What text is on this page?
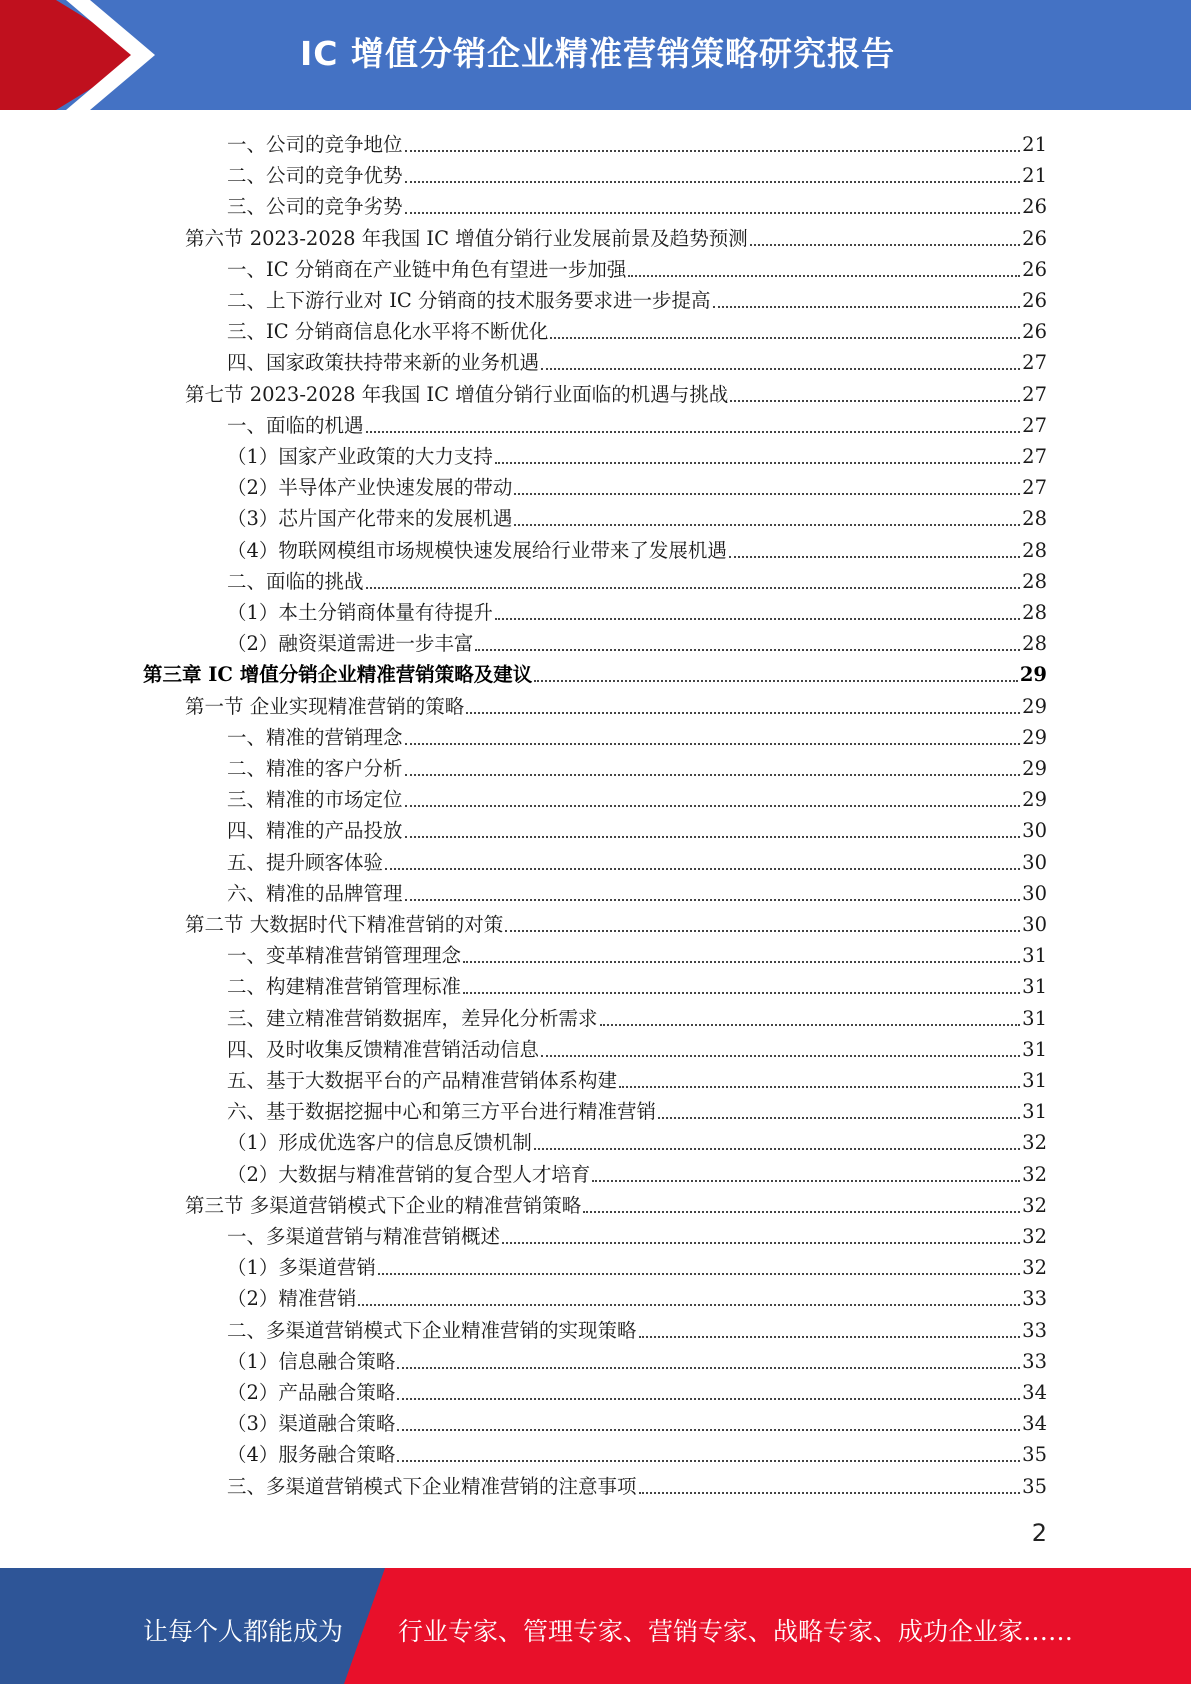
IC 增值分销企业精准营销策略研究报告
一、公司的竞争地位	21
二、公司的竞争优势	21
三、公司的竞争劣势	26
第六节 2023-2028 年我国 IC 增值分销行业发展前景及趋势预测	26
一、IC 分销商在产业链中角色有望进一步加强	26
二、上下游行业对 IC 分销商的技术服务要求进一步提高	26
三、IC 分销商信息化水平将不断优化	26
四、国家政策扶持带来新的业务机遇	27
第七节 2023-2028 年我国 IC 增值分销行业面临的机遇与挑战	27
一、面临的机遇	27
（1）国家产业政策的大力支持	27
（2）半导体产业快速发展的带动	27
（3）芯片国产化带来的发展机遇	28
（4）物联网模组市场规模快速发展给行业带来了发展机遇	28
二、面临的挑战	28
（1）本土分销商体量有待提升	28
（2）融资渠道需进一步丰富	28
第三章 IC 增值分销企业精准营销策略及建议	29
第一节 企业实现精准营销的策略	29
一、精准的营销理念	29
二、精准的客户分析	29
三、精准的市场定位	29
四、精准的产品投放	30
五、提升顾客体验	30
六、精准的品牌管理	30
第二节 大数据时代下精准营销的对策	30
一、变革精准营销管理理念	31
二、构建精准营销管理标准	31
三、建立精准营销数据库，差异化分析需求	31
四、及时收集反馈精准营销活动信息	31
五、基于大数据平台的产品精准营销体系构建	31
六、基于数据挖掘中心和第三方平台进行精准营销	31
（1）形成优选客户的信息反馈机制	32
（2）大数据与精准营销的复合型人才培育	32
第三节 多渠道营销模式下企业的精准营销策略	32
一、多渠道营销与精准营销概述	32
（1）多渠道营销	32
（2）精准营销	33
二、多渠道营销模式下企业精准营销的实现策略	33
（1）信息融合策略	33
（2）产品融合策略	34
（3）渠道融合策略	34
（4）服务融合策略	35
三、多渠道营销模式下企业精准营销的注意事项	35
2
让每个人都能成为 行业专家、管理专家、营销专家、战略专家、成功企业家……
